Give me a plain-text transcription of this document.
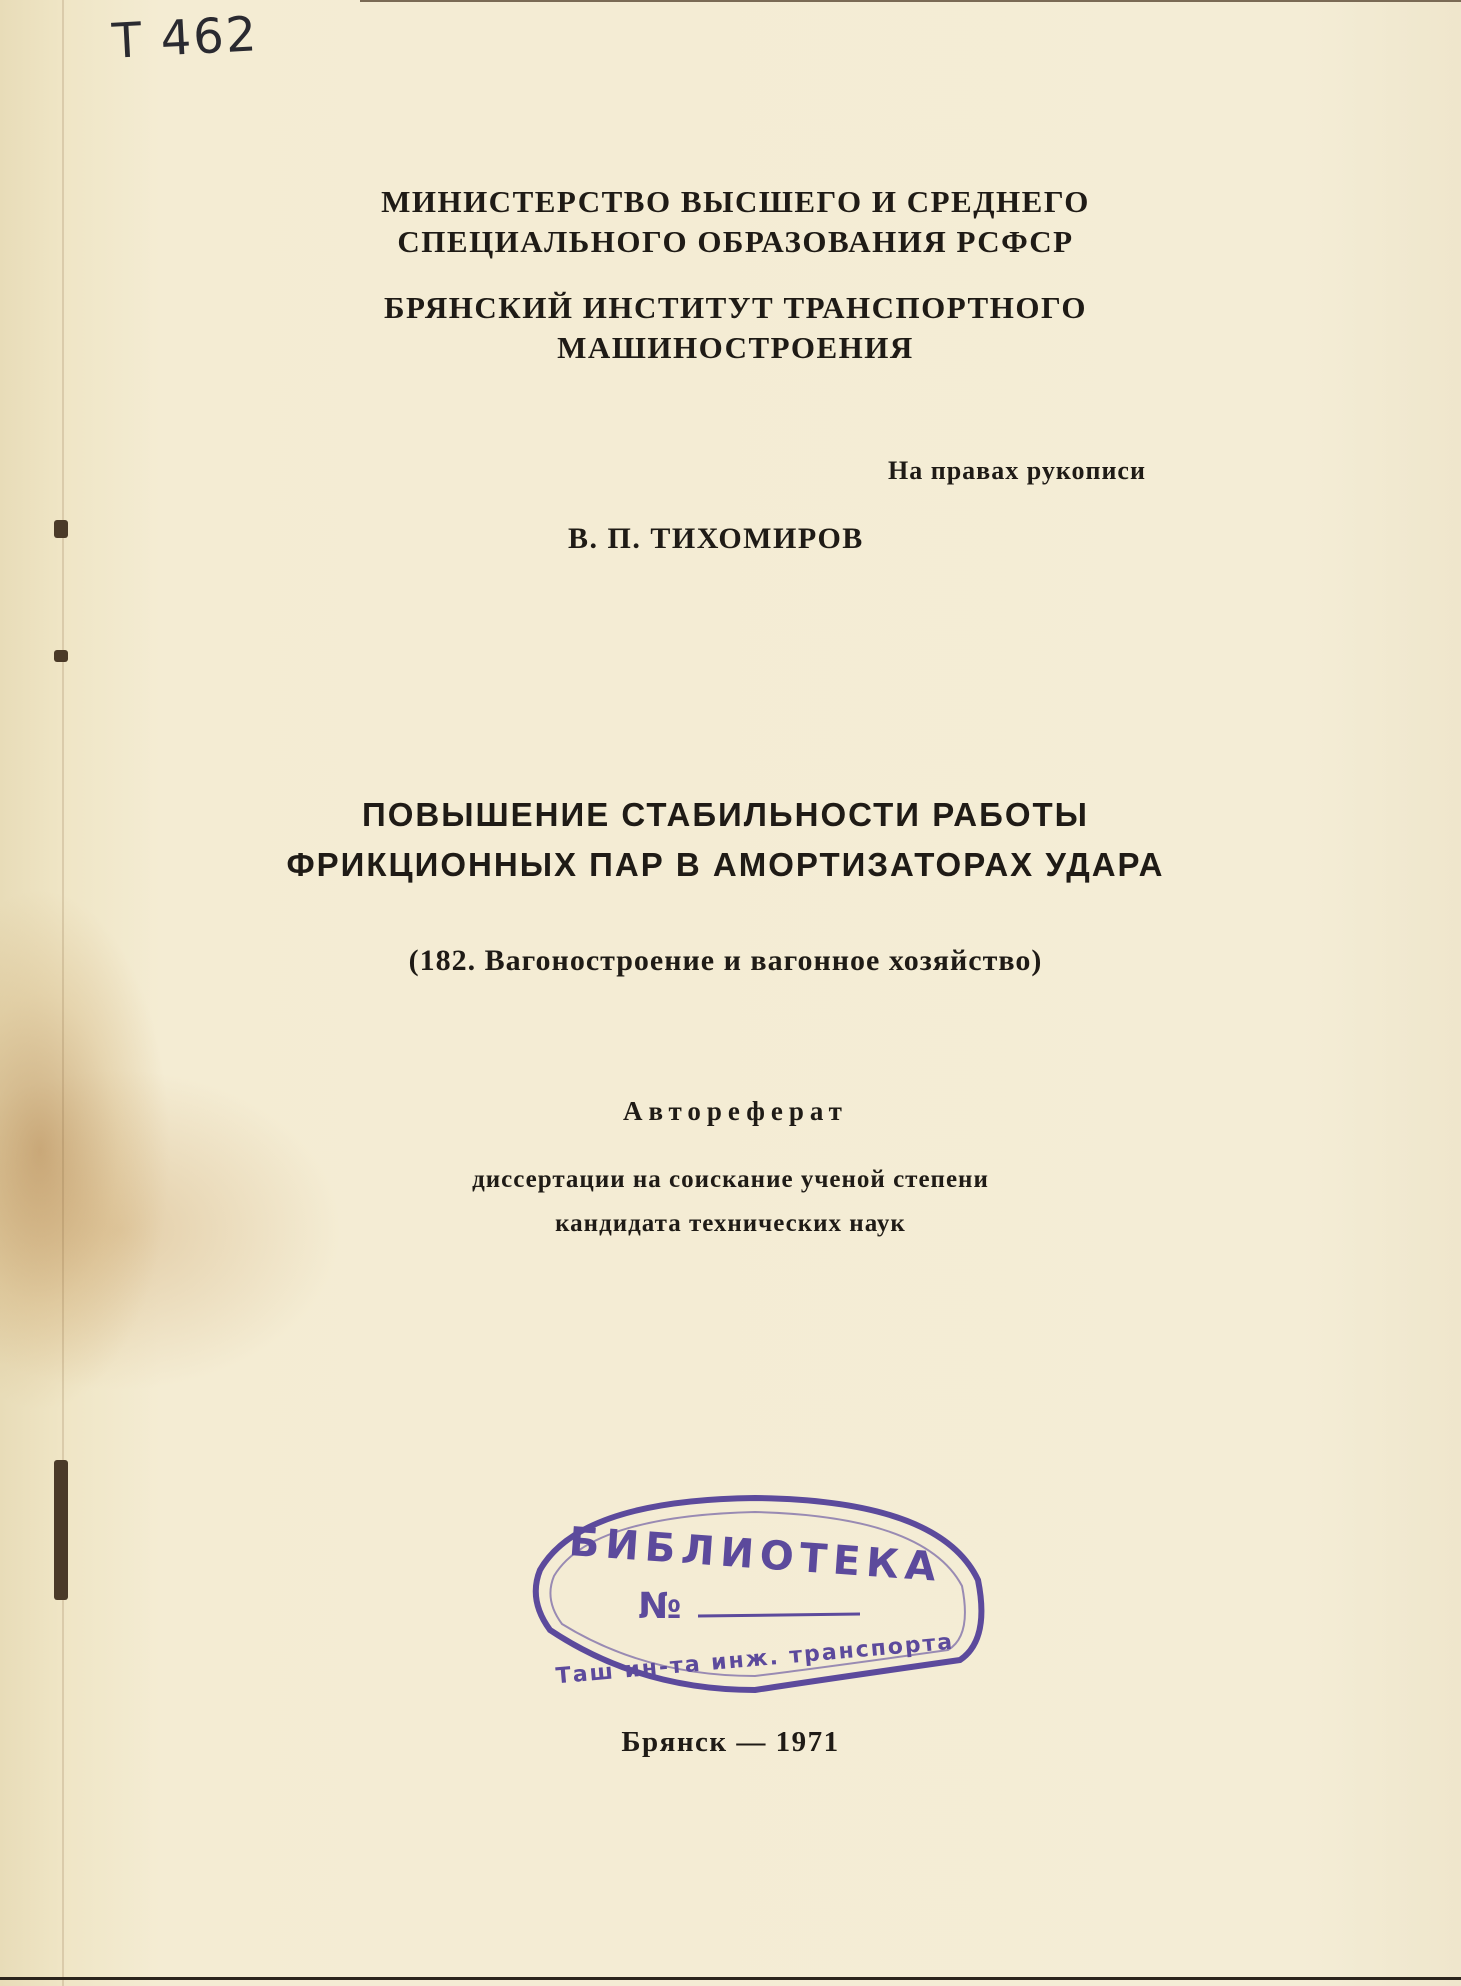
Т 462
МИНИСТЕРСТВО ВЫСШЕГО И СРЕДНЕГО
СПЕЦИАЛЬНОГО ОБРАЗОВАНИЯ РСФСР
БРЯНСКИЙ ИНСТИТУТ ТРАНСПОРТНОГО
МАШИНОСТРОЕНИЯ
На правах рукописи
В. П. ТИХОМИРОВ
ПОВЫШЕНИЕ СТАБИЛЬНОСТИ РАБОТЫ
ФРИКЦИОННЫХ ПАР В АМОРТИЗАТОРАХ УДАРА
(182. Вагоностроение и вагонное хозяйство)
Автореферат
диссертации на соискание ученой степени
кандидата технических наук
БИБЛИОТЕКА
№
Таш ин-та инж. транспорта
Брянск — 1971
